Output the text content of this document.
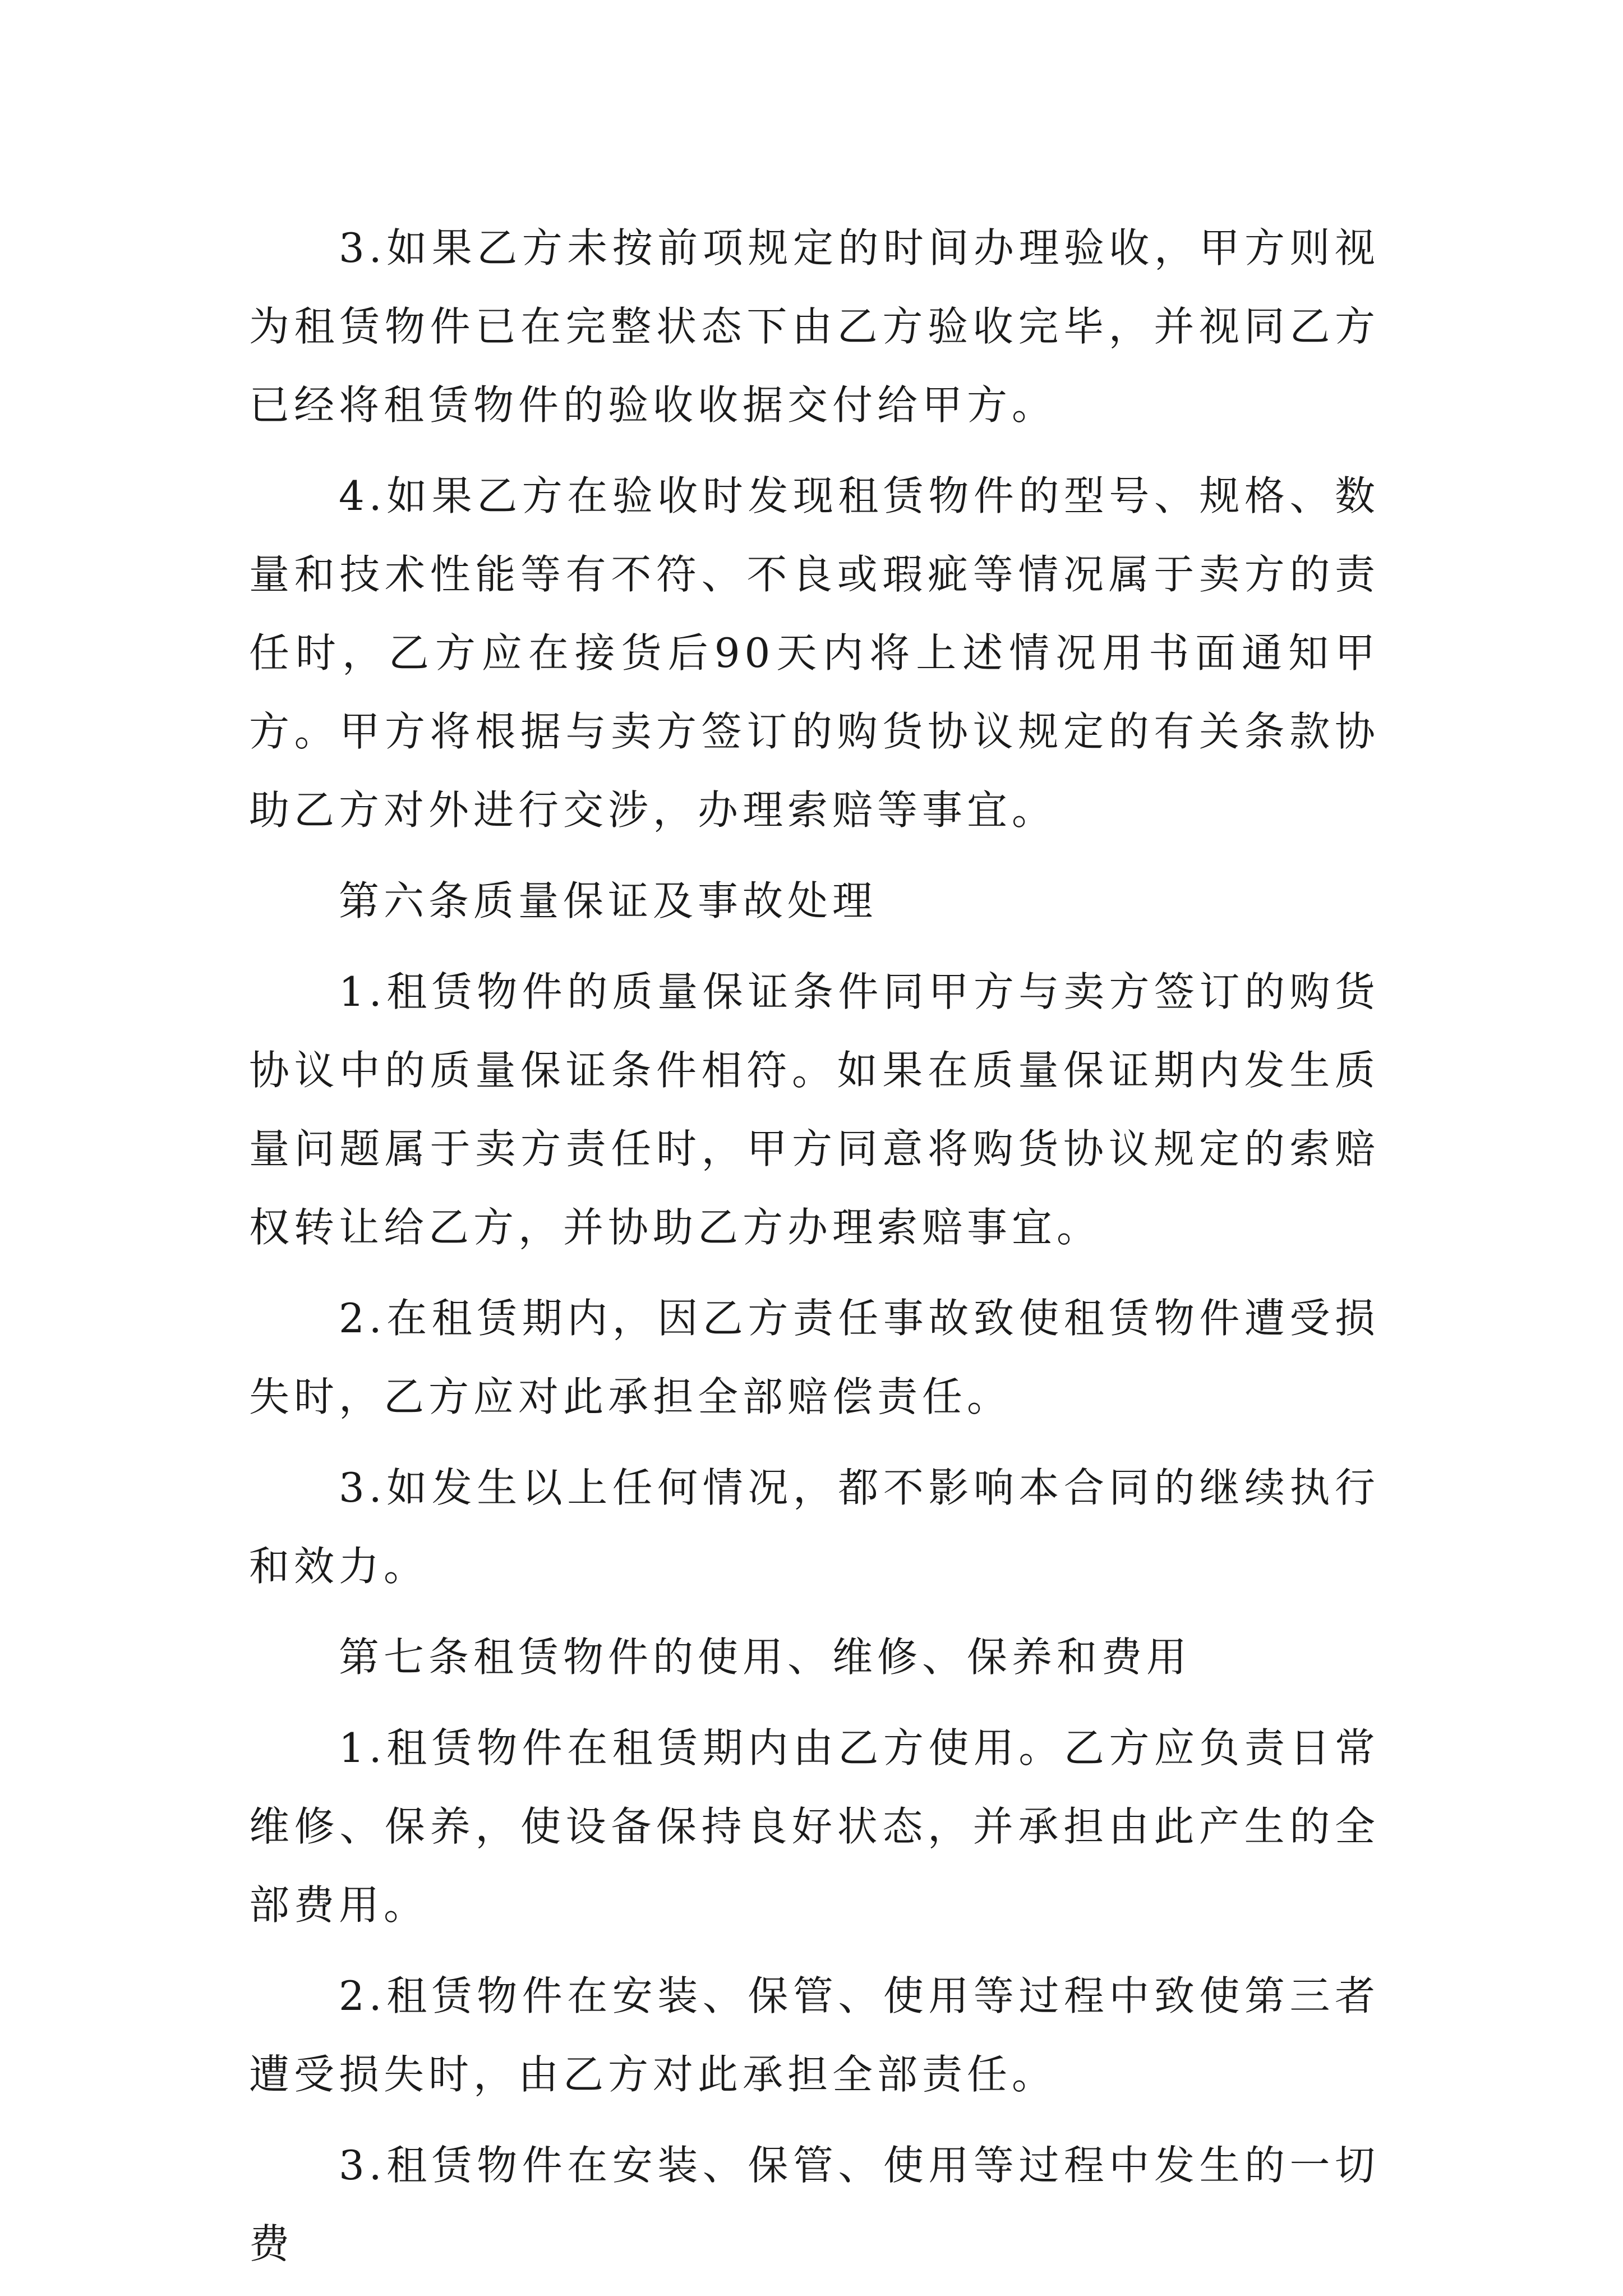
3.如果乙方未按前项规定的时间办理验收，甲方则视为租赁物件已在完整状态下由乙方验收完毕，并视同乙方已经将租赁物件的验收收据交付给甲方。

4.如果乙方在验收时发现租赁物件的型号、规格、数量和技术性能等有不符、不良或瑕疵等情况属于卖方的责任时，乙方应在接货后90天内将上述情况用书面通知甲方。甲方将根据与卖方签订的购货协议规定的有关条款协助乙方对外进行交涉，办理索赔等事宜。

第六条质量保证及事故处理

1.租赁物件的质量保证条件同甲方与卖方签订的购货协议中的质量保证条件相符。如果在质量保证期内发生质量问题属于卖方责任时，甲方同意将购货协议规定的索赔权转让给乙方，并协助乙方办理索赔事宜。

2.在租赁期内，因乙方责任事故致使租赁物件遭受损失时，乙方应对此承担全部赔偿责任。

3.如发生以上任何情况，都不影响本合同的继续执行和效力。

第七条租赁物件的使用、维修、保养和费用

1.租赁物件在租赁期内由乙方使用。乙方应负责日常维修、保养，使设备保持良好状态，并承担由此产生的全部费用。

2.租赁物件在安装、保管、使用等过程中致使第三者遭受损失时，由乙方对此承担全部责任。

3.租赁物件在安装、保管、使用等过程中发生的一切费
